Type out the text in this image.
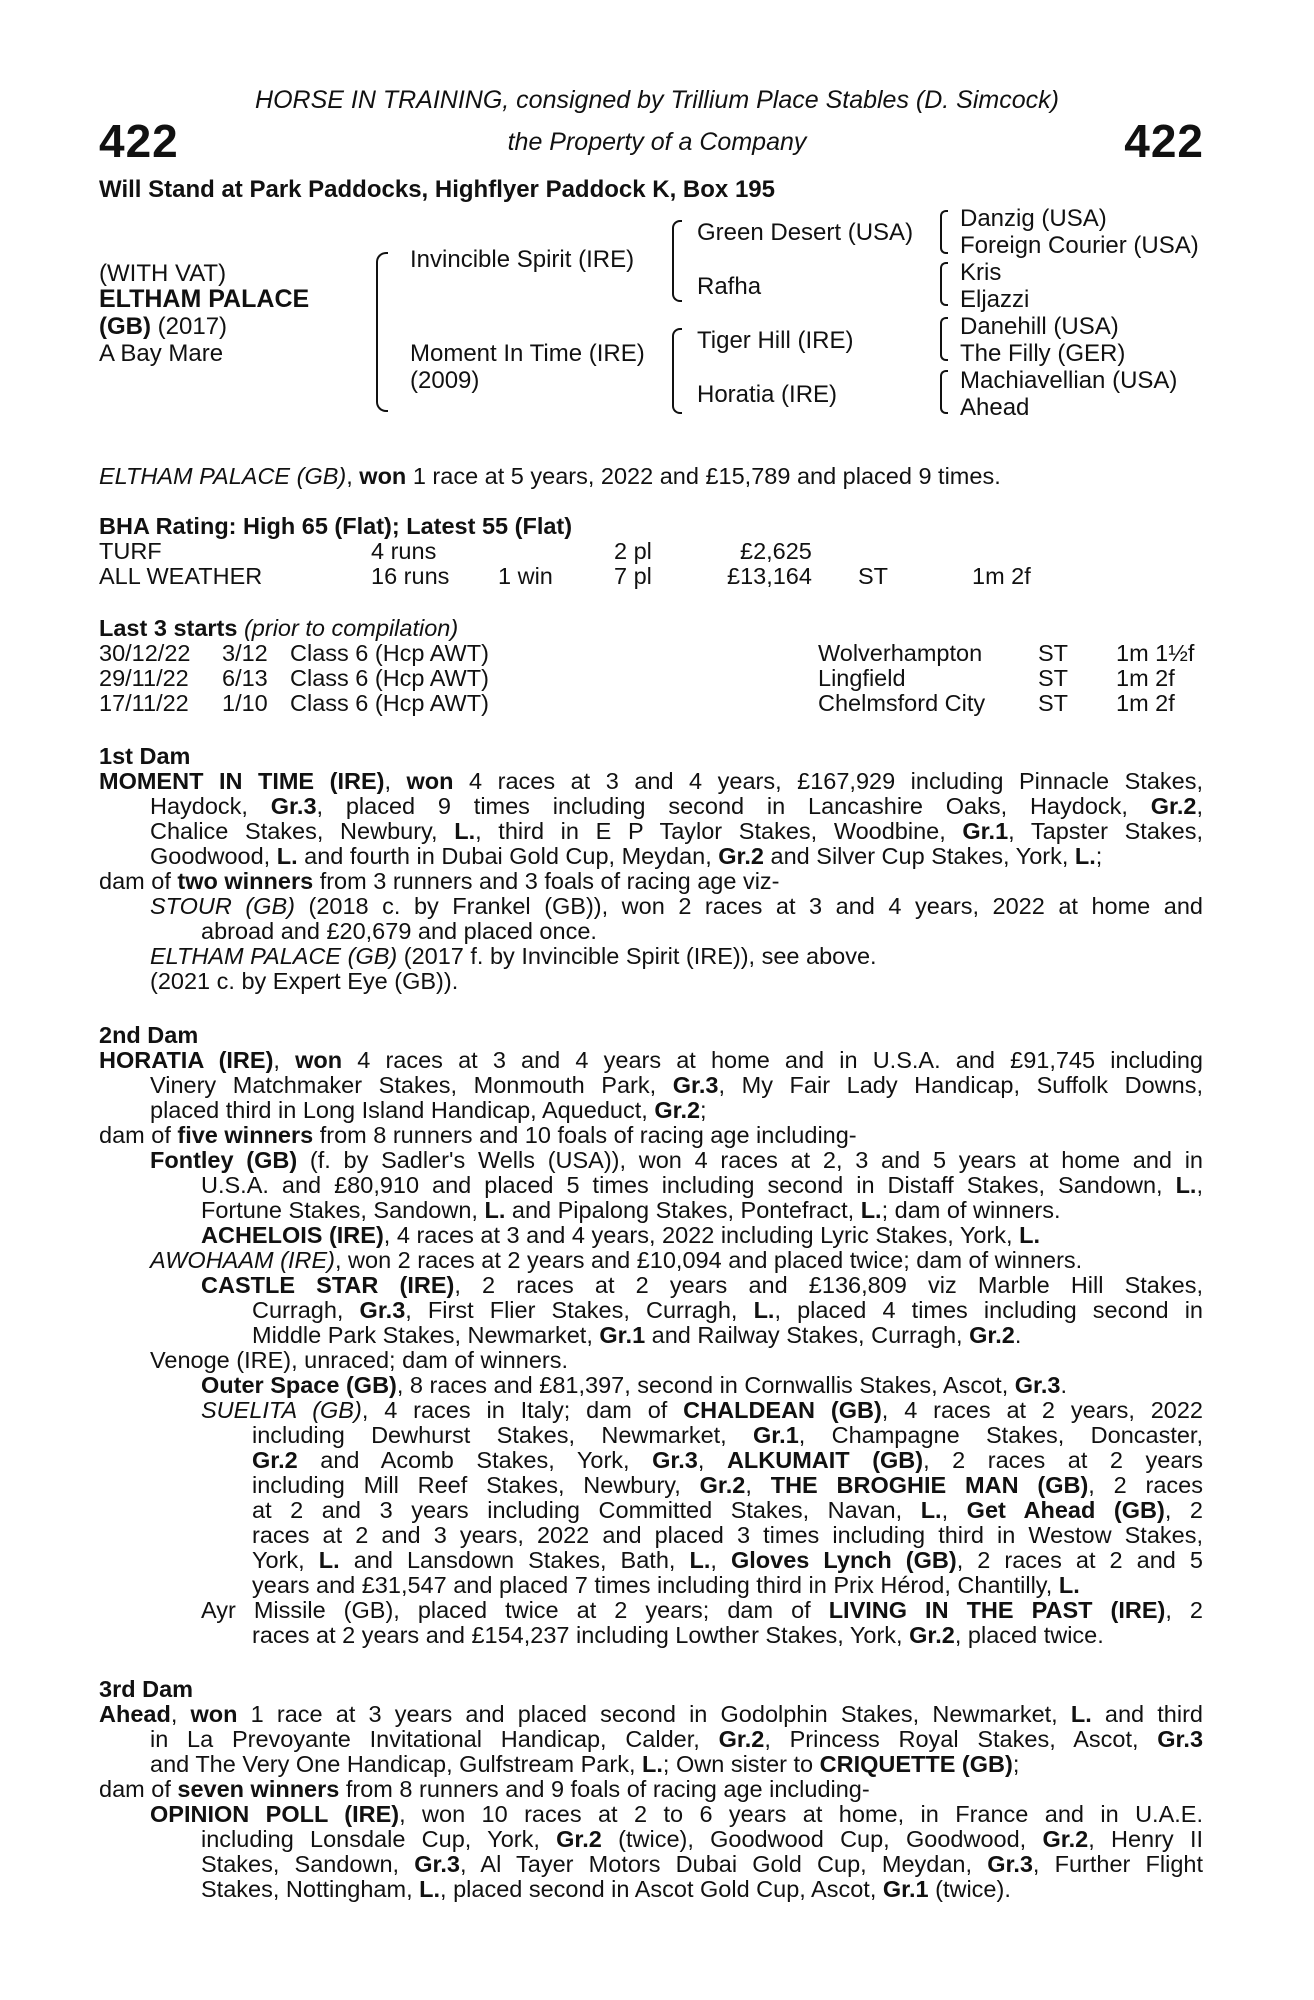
HORSE IN TRAINING, consigned by Trillium Place Stables (D. Simcock)
the Property of a Company
422	422
Will Stand at Park Paddocks, Highflyer Paddock K, Box 195
(WITH VAT)
ELTHAM PALACE
(GB) (2017)
A Bay Mare
Invincible Spirit (IRE)
Moment In Time (IRE)
(2009)
Green Desert (USA)
Rafha
Tiger Hill (IRE)
Horatia (IRE)
Danzig (USA)
Foreign Courier (USA)
Kris
Eljazzi
Danehill (USA)
The Filly (GER)
Machiavellian (USA)
Ahead
ELTHAM PALACE (GB), won 1 race at 5 years, 2022 and £15,789 and placed 9 times.
BHA Rating: High 65 (Flat); Latest 55 (Flat)
TURF	4 runs	2 pl	£2,625
ALL WEATHER	16 runs 1 win	7 pl	£13,164 ST	1m 2f
Last 3 starts (prior to compilation)
30/12/22 3/12 Class 6 (Hcp AWT)	Wolverhampton ST 1m 1½f
29/11/22 6/13 Class 6 (Hcp AWT)	Lingfield	ST 1m 2f
17/11/22 1/10 Class 6 (Hcp AWT)	Chelmsford City ST 1m 2f
1st Dam
MOMENT IN TIME (IRE), won 4 races at 3 and 4 years, £167,929 including Pinnacle Stakes,
Haydock, Gr.3, placed 9 times including second in Lancashire Oaks, Haydock, Gr.2,
Chalice Stakes, Newbury, L., third in E P Taylor Stakes, Woodbine, Gr.1, Tapster Stakes,
Goodwood, L. and fourth in Dubai Gold Cup, Meydan, Gr.2 and Silver Cup Stakes, York, L.;
dam of two winners from 3 runners and 3 foals of racing age viz-
STOUR (GB) (2018 c. by Frankel (GB)), won 2 races at 3 and 4 years, 2022 at home and
abroad and £20,679 and placed once.
ELTHAM PALACE (GB) (2017 f. by Invincible Spirit (IRE)), see above.
(2021 c. by Expert Eye (GB)).
2nd Dam
HORATIA (IRE), won 4 races at 3 and 4 years at home and in U.S.A. and £91,745 including
Vinery Matchmaker Stakes, Monmouth Park, Gr.3, My Fair Lady Handicap, Suffolk Downs,
placed third in Long Island Handicap, Aqueduct, Gr.2;
dam of five winners from 8 runners and 10 foals of racing age including-
Fontley (GB) (f. by Sadler's Wells (USA)), won 4 races at 2, 3 and 5 years at home and in
U.S.A. and £80,910 and placed 5 times including second in Distaff Stakes, Sandown, L.,
Fortune Stakes, Sandown, L. and Pipalong Stakes, Pontefract, L.; dam of winners.
ACHELOIS (IRE), 4 races at 3 and 4 years, 2022 including Lyric Stakes, York, L.
AWOHAAM (IRE), won 2 races at 2 years and £10,094 and placed twice; dam of winners.
CASTLE STAR (IRE), 2 races at 2 years and £136,809 viz Marble Hill Stakes,
Curragh, Gr.3, First Flier Stakes, Curragh, L., placed 4 times including second in
Middle Park Stakes, Newmarket, Gr.1 and Railway Stakes, Curragh, Gr.2.
Venoge (IRE), unraced; dam of winners.
Outer Space (GB), 8 races and £81,397, second in Cornwallis Stakes, Ascot, Gr.3.
SUELITA (GB), 4 races in Italy; dam of CHALDEAN (GB), 4 races at 2 years, 2022
including Dewhurst Stakes, Newmarket, Gr.1, Champagne Stakes, Doncaster,
Gr.2 and Acomb Stakes, York, Gr.3, ALKUMAIT (GB), 2 races at 2 years
including Mill Reef Stakes, Newbury, Gr.2, THE BROGHIE MAN (GB), 2 races
at 2 and 3 years including Committed Stakes, Navan, L., Get Ahead (GB), 2
races at 2 and 3 years, 2022 and placed 3 times including third in Westow Stakes,
York, L. and Lansdown Stakes, Bath, L., Gloves Lynch (GB), 2 races at 2 and 5
years and £31,547 and placed 7 times including third in Prix Hérod, Chantilly, L.
Ayr Missile (GB), placed twice at 2 years; dam of LIVING IN THE PAST (IRE), 2
races at 2 years and £154,237 including Lowther Stakes, York, Gr.2, placed twice.
3rd Dam
Ahead, won 1 race at 3 years and placed second in Godolphin Stakes, Newmarket, L. and third
in La Prevoyante Invitational Handicap, Calder, Gr.2, Princess Royal Stakes, Ascot, Gr.3
and The Very One Handicap, Gulfstream Park, L.; Own sister to CRIQUETTE (GB);
dam of seven winners from 8 runners and 9 foals of racing age including-
OPINION POLL (IRE), won 10 races at 2 to 6 years at home, in France and in U.A.E.
including Lonsdale Cup, York, Gr.2 (twice), Goodwood Cup, Goodwood, Gr.2, Henry II
Stakes, Sandown, Gr.3, Al Tayer Motors Dubai Gold Cup, Meydan, Gr.3, Further Flight
Stakes, Nottingham, L., placed second in Ascot Gold Cup, Ascot, Gr.1 (twice).
